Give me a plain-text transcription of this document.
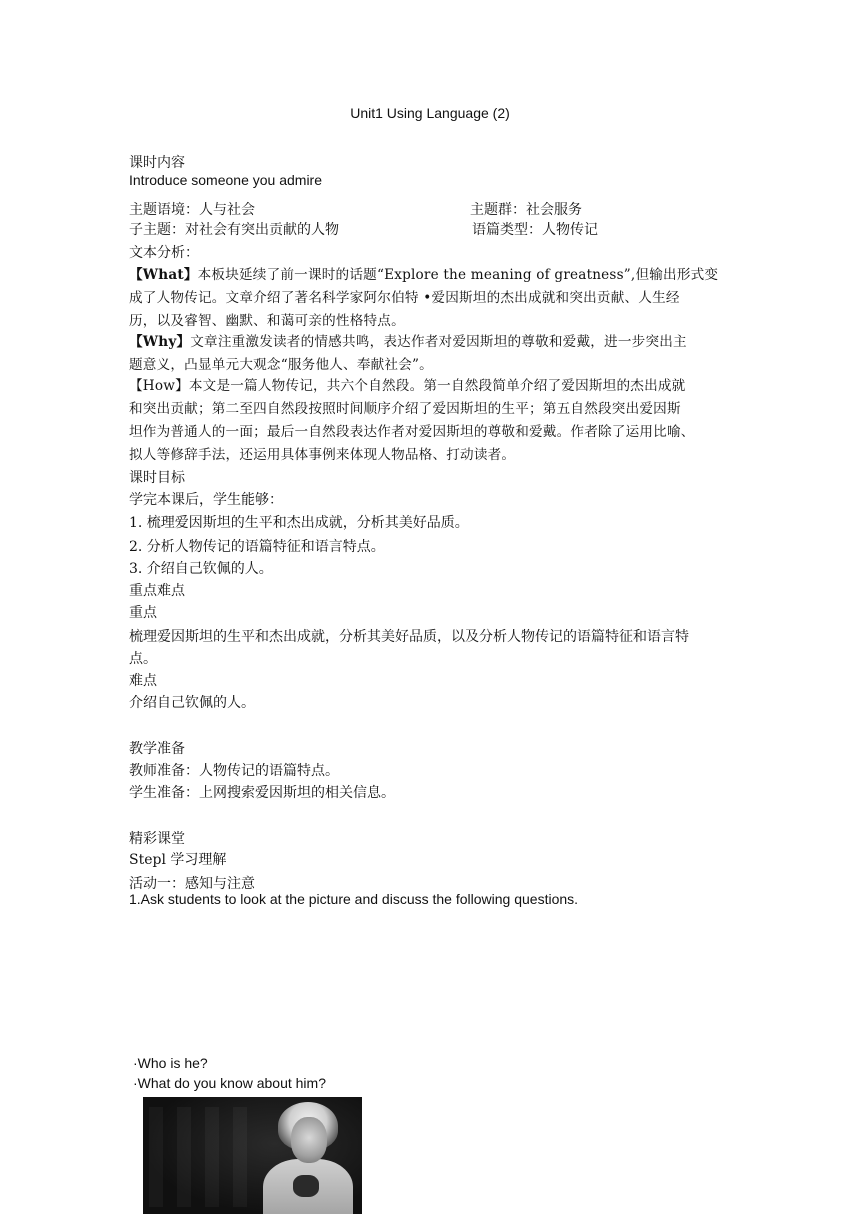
Unit1 Using Language (2)
课时内容
Introduce someone you admire
主题语境：人与社会	主题群：社会服务
子主题：对社会有突出贡献的人物	语篇类型：人物传记
文本分析：
【What】本板块延续了前一课时的话题“Explore the meaning of greatness”,但输出形式变
成了人物传记。文章介绍了著名科学家阿尔伯特 •爱因斯坦的杰出成就和突出贡献、人生经
历，以及睿智、幽默、和蔼可亲的性格特点。
【Why】文章注重激发读者的情感共鸣，表达作者对爱因斯坦的尊敬和爱戴，进一步突出主
题意义，凸显单元大观念“服务他人、奉献社会”。
【How】本文是一篇人物传记，共六个自然段。第一自然段简单介绍了爱因斯坦的杰出成就
和突出贡献；第二至四自然段按照时间顺序介绍了爱因斯坦的生平；第五自然段突出爱因斯
坦作为普通人的一面；最后一自然段表达作者对爱因斯坦的尊敬和爱戴。作者除了运用比喻、
拟人等修辞手法，还运用具体事例来体现人物品格、打动读者。
课时目标
学完本课后，学生能够：
1. 梳理爱因斯坦的生平和杰出成就，分析其美好品质。
2. 分析人物传记的语篇特征和语言特点。
3. 介绍自己钦佩的人。
重点难点
重点
梳理爱因斯坦的生平和杰出成就，分析其美好品质，以及分析人物传记的语篇特征和语言特
点。
难点
介绍自己钦佩的人。
教学准备
教师准备：人物传记的语篇特点。
学生准备：上网搜索爱因斯坦的相关信息。
精彩课堂
Stepl 学习理解
活动一：感知与注意
1.Ask students to look at the picture and discuss the following questions.
·Who is he?
·What do you know about him?
